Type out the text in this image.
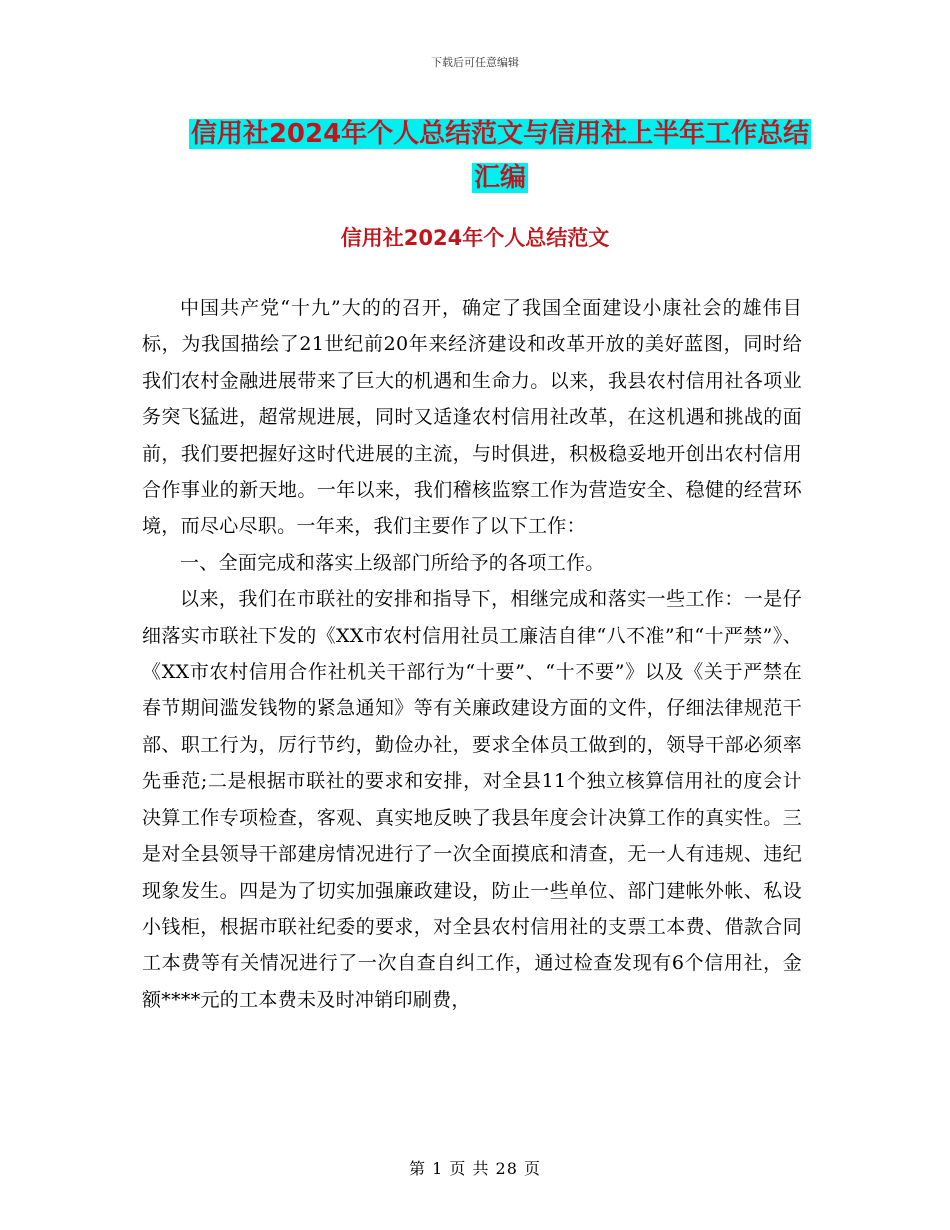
下载后可任意编辑
信用社2024年个人总结范文与信用社上半年工作总结
汇编
信用社2024年个人总结范文

中国共产党“十九”大的的召开，确定了我国全面建设小康社会的雄伟目标，为我国描绘了21世纪前20年来经济建设和改革开放的美好蓝图，同时给我们农村金融进展带来了巨大的机遇和生命力。以来，我县农村信用社各项业务突飞猛进，超常规进展，同时又适逢农村信用社改革，在这机遇和挑战的面前，我们要把握好这时代进展的主流，与时俱进，积极稳妥地开创出农村信用合作事业的新天地。一年以来，我们稽核监察工作为营造安全、稳健的经营环境，而尽心尽职。一年来，我们主要作了以下工作：

一、全面完成和落实上级部门所给予的各项工作。

以来，我们在市联社的安排和指导下，相继完成和落实一些工作：一是仔细落实市联社下发的《XX市农村信用社员工廉洁自律“八不准”和“十严禁”》、《XX市农村信用合作社机关干部行为“十要”、“十不要”》以及《关于严禁在春节期间滥发钱物的紧急通知》等有关廉政建设方面的文件，仔细法律规范干部、职工行为，厉行节约，勤俭办社，要求全体员工做到的，领导干部必须率先垂范;二是根据市联社的要求和安排，对全县11个独立核算信用社的度会计决算工作专项检查，客观、真实地反映了我县年度会计决算工作的真实性。三是对全县领导干部建房情况进行了一次全面摸底和清查，无一人有违规、违纪现象发生。四是为了切实加强廉政建设，防止一些单位、部门建帐外帐、私设小钱柜，根据市联社纪委的要求，对全县农村信用社的支票工本费、借款合同工本费等有关情况进行了一次自查自纠工作，通过检查发现有6个信用社，金额****元的工本费未及时冲销印刷费，

第 1 页 共 28 页
